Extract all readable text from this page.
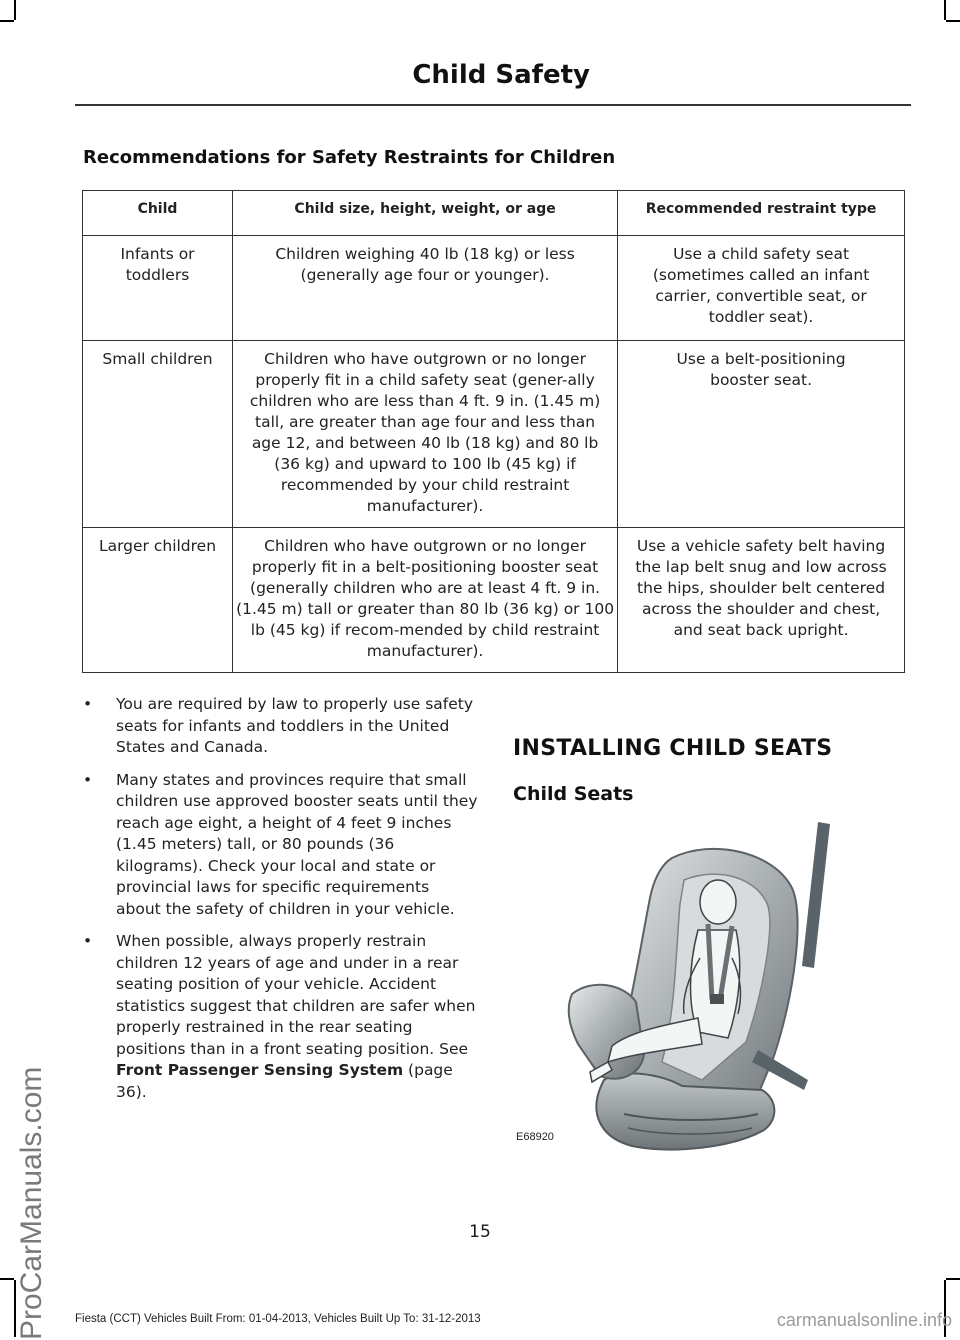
ProCarManuals.com
Child Safety
Recommendations for Safety Restraints for Children
Child	Child size, height, weight, or age	Recommended restraint type
Infants or toddlers	Children weighing 40 lb (18 kg) or less (generally age four or younger).	Use a child safety seat (sometimes called an infant carrier, convertible seat, or toddler seat).
Small children	Children who have outgrown or no longer properly fit in a child safety seat (gener-ally children who are less than 4 ft. 9 in. (1.45 m) tall, are greater than age four and less than age 12, and between 40 lb (18 kg) and 80 lb (36 kg) and upward to 100 lb (45 kg) if recommended by your child restraint manufacturer).	Use a belt-positioning booster seat.
Larger children	Children who have outgrown or no longer properly fit in a belt-positioning booster seat (generally children who are at least 4 ft. 9 in. (1.45 m) tall or greater than 80 lb (36 kg) or 100 lb (45 kg) if recom-mended by child restraint manufacturer).	Use a vehicle safety belt having the lap belt snug and low across the hips, shoulder belt centered across the shoulder and chest, and seat back upright.
• You are required by law to properly use safety seats for infants and toddlers in the United States and Canada.
• Many states and provinces require that small children use approved booster seats until they reach age eight, a height of 4 feet 9 inches (1.45 meters) tall, or 80 pounds (36 kilograms). Check your local and state or provincial laws for specific requirements about the safety of children in your vehicle.
• When possible, always properly restrain children 12 years of age and under in a rear seating position of your vehicle. Accident statistics suggest that children are safer when properly restrained in the rear seating positions than in a front seating position. See Front Passenger Sensing System (page 36).
INSTALLING CHILD SEATS
Child Seats
E68920
15
Fiesta (CCT) Vehicles Built From: 01-04-2013, Vehicles Built Up To: 31-12-2013	carmanualsonline.info
